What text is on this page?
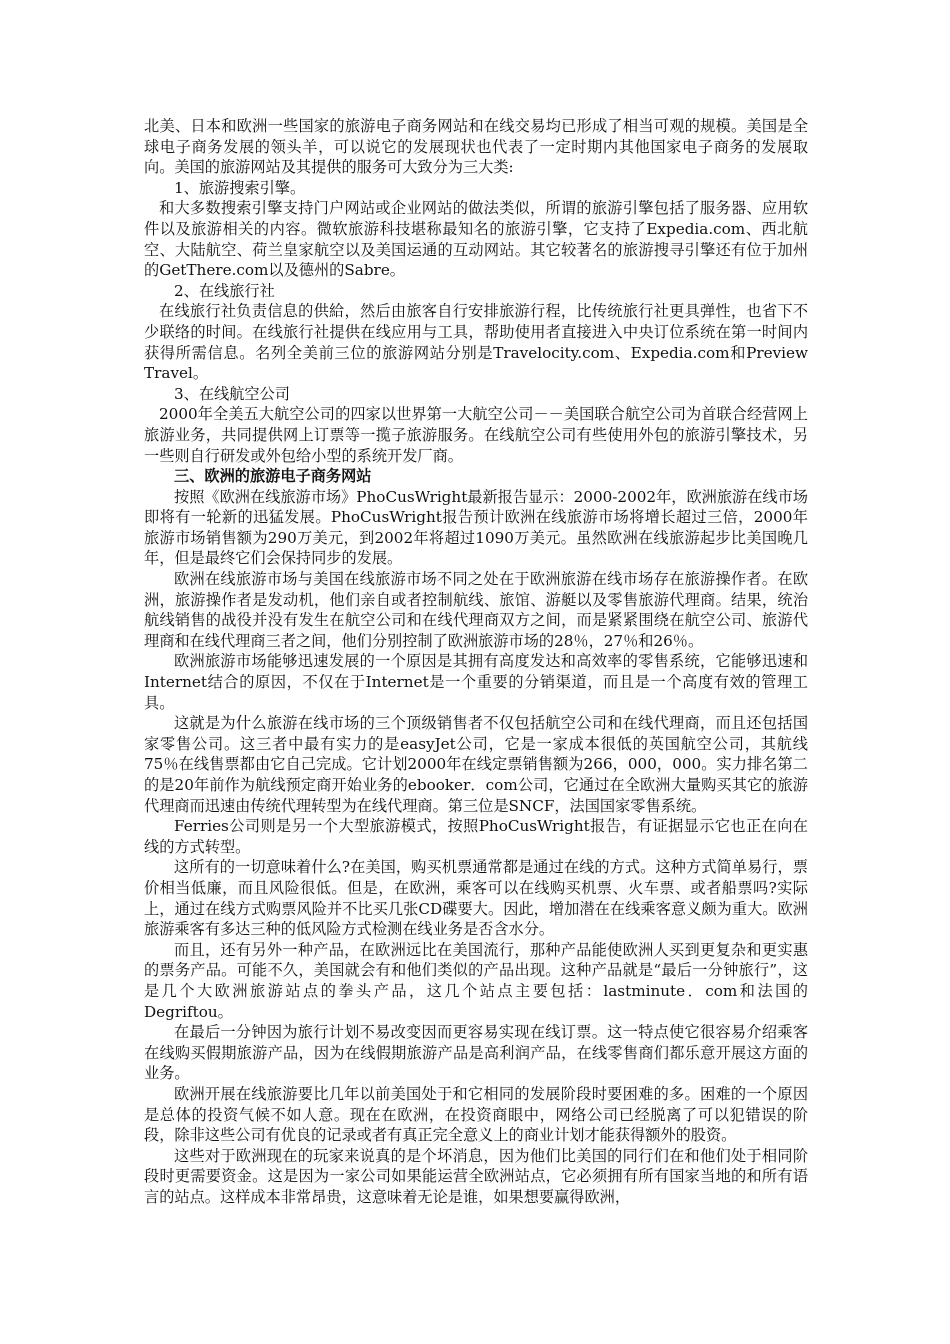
北美、日本和欧洲一些国家的旅游电子商务网站和在线交易均已形成了相当可观的规模。美国是全球电子商务发展的领头羊，可以说它的发展现状也代表了一定时期内其他国家电子商务的发展取向。美国的旅游网站及其提供的服务可大致分为三大类:

1、旅游搜索引擎。

和大多数搜索引擎支持门户网站或企业网站的做法类似，所谓的旅游引擎包括了服务器、应用软件以及旅游相关的内容。微软旅游科技堪称最知名的旅游引擎，它支持了Expedia.com、西北航空、大陆航空、荷兰皇家航空以及美国运通的互动网站。其它较著名的旅游搜寻引擎还有位于加州的GetThere.com以及德州的Sabre。

2、在线旅行社

在线旅行社负责信息的供給，然后由旅客自行安排旅游行程，比传统旅行社更具弹性，也省下不少联络的时间。在线旅行社提供在线应用与工具，帮助使用者直接进入中央订位系统在第一时间内获得所需信息。名列全美前三位的旅游网站分别是Travelocity.com、Expedia.com和Preview Travel。

3、在线航空公司

2000年全美五大航空公司的四家以世界第一大航空公司－－美国联合航空公司为首联合经营网上旅游业务，共同提供网上订票等一揽子旅游服务。在线航空公司有些使用外包的旅游引擎技术，另一些则自行研发或外包给小型的系统开发厂商。

三、欧洲的旅游电子商务网站

按照《欧洲在线旅游市场》PhoCusWright最新报告显示：2000-2002年，欧洲旅游在线市场即将有一轮新的迅猛发展。PhoCusWright报告预计欧洲在线旅游市场将增长超过三倍，2000年旅游市场销售额为290万美元，到2002年将超过1090万美元。虽然欧洲在线旅游起步比美国晚几年，但是最终它们会保持同步的发展。

欧洲在线旅游市场与美国在线旅游市场不同之处在于欧洲旅游在线市场存在旅游操作者。在欧洲，旅游操作者是发动机，他们亲自或者控制航线、旅馆、游艇以及零售旅游代理商。结果，统治航线销售的战役并没有发生在航空公司和在线代理商双方之间，而是紧紧围绕在航空公司、旅游代理商和在线代理商三者之间，他们分别控制了欧洲旅游市场的28％，27％和26％。

欧洲旅游市场能够迅速发展的一个原因是其拥有高度发达和高效率的零售系统，它能够迅速和Internet结合的原因，不仅在于Internet是一个重要的分销渠道，而且是一个高度有效的管理工具。

这就是为什么旅游在线市场的三个顶级销售者不仅包括航空公司和在线代理商，而且还包括国家零售公司。这三者中最有实力的是easyJet公司，它是一家成本很低的英国航空公司，其航线75％在线售票都由它自己完成。它计划2000年在线定票销售额为266，000，000。实力排名第二的是20年前作为航线预定商开始业务的ebooker．com公司，它通过在全欧洲大量购买其它的旅游代理商而迅速由传统代理转型为在线代理商。第三位是SNCF，法国国家零售系统。

Ferries公司则是另一个大型旅游模式，按照PhoCusWright报告，有证据显示它也正在向在线的方式转型。

这所有的一切意味着什么?在美国，购买机票通常都是通过在线的方式。这种方式简单易行，票价相当低廉，而且风险很低。但是，在欧洲，乘客可以在线购买机票、火车票、或者船票吗?实际上，通过在线方式购票风险并不比买几张CD碟要大。因此，增加潜在在线乘客意义颇为重大。欧洲旅游乘客有多达三种的低风险方式检测在线业务是否含水分。

而且，还有另外一种产品，在欧洲远比在美国流行，那种产品能使欧洲人买到更复杂和更实惠的票务产品。可能不久，美国就会有和他们类似的产品出现。这种产品就是“最后一分钟旅行”，这是几个大欧洲旅游站点的拳头产品，这几个站点主要包括：lastminute．com和法国的Degriftou。

在最后一分钟因为旅行计划不易改变因而更容易实现在线订票。这一特点使它很容易介绍乘客在线购买假期旅游产品，因为在线假期旅游产品是高利润产品，在线零售商们都乐意开展这方面的业务。

欧洲开展在线旅游要比几年以前美国处于和它相同的发展阶段时要困难的多。困难的一个原因是总体的投资气候不如人意。现在在欧洲，在投资商眼中，网络公司已经脱离了可以犯错误的阶段，除非这些公司有优良的记录或者有真正完全意义上的商业计划才能获得额外的股资。

这些对于欧洲现在的玩家来说真的是个坏消息，因为他们比美国的同行们在和他们处于相同阶段时更需要资金。这是因为一家公司如果能运营全欧洲站点，它必须拥有所有国家当地的和所有语言的站点。这样成本非常昂贵，这意味着无论是谁，如果想要赢得欧洲，
